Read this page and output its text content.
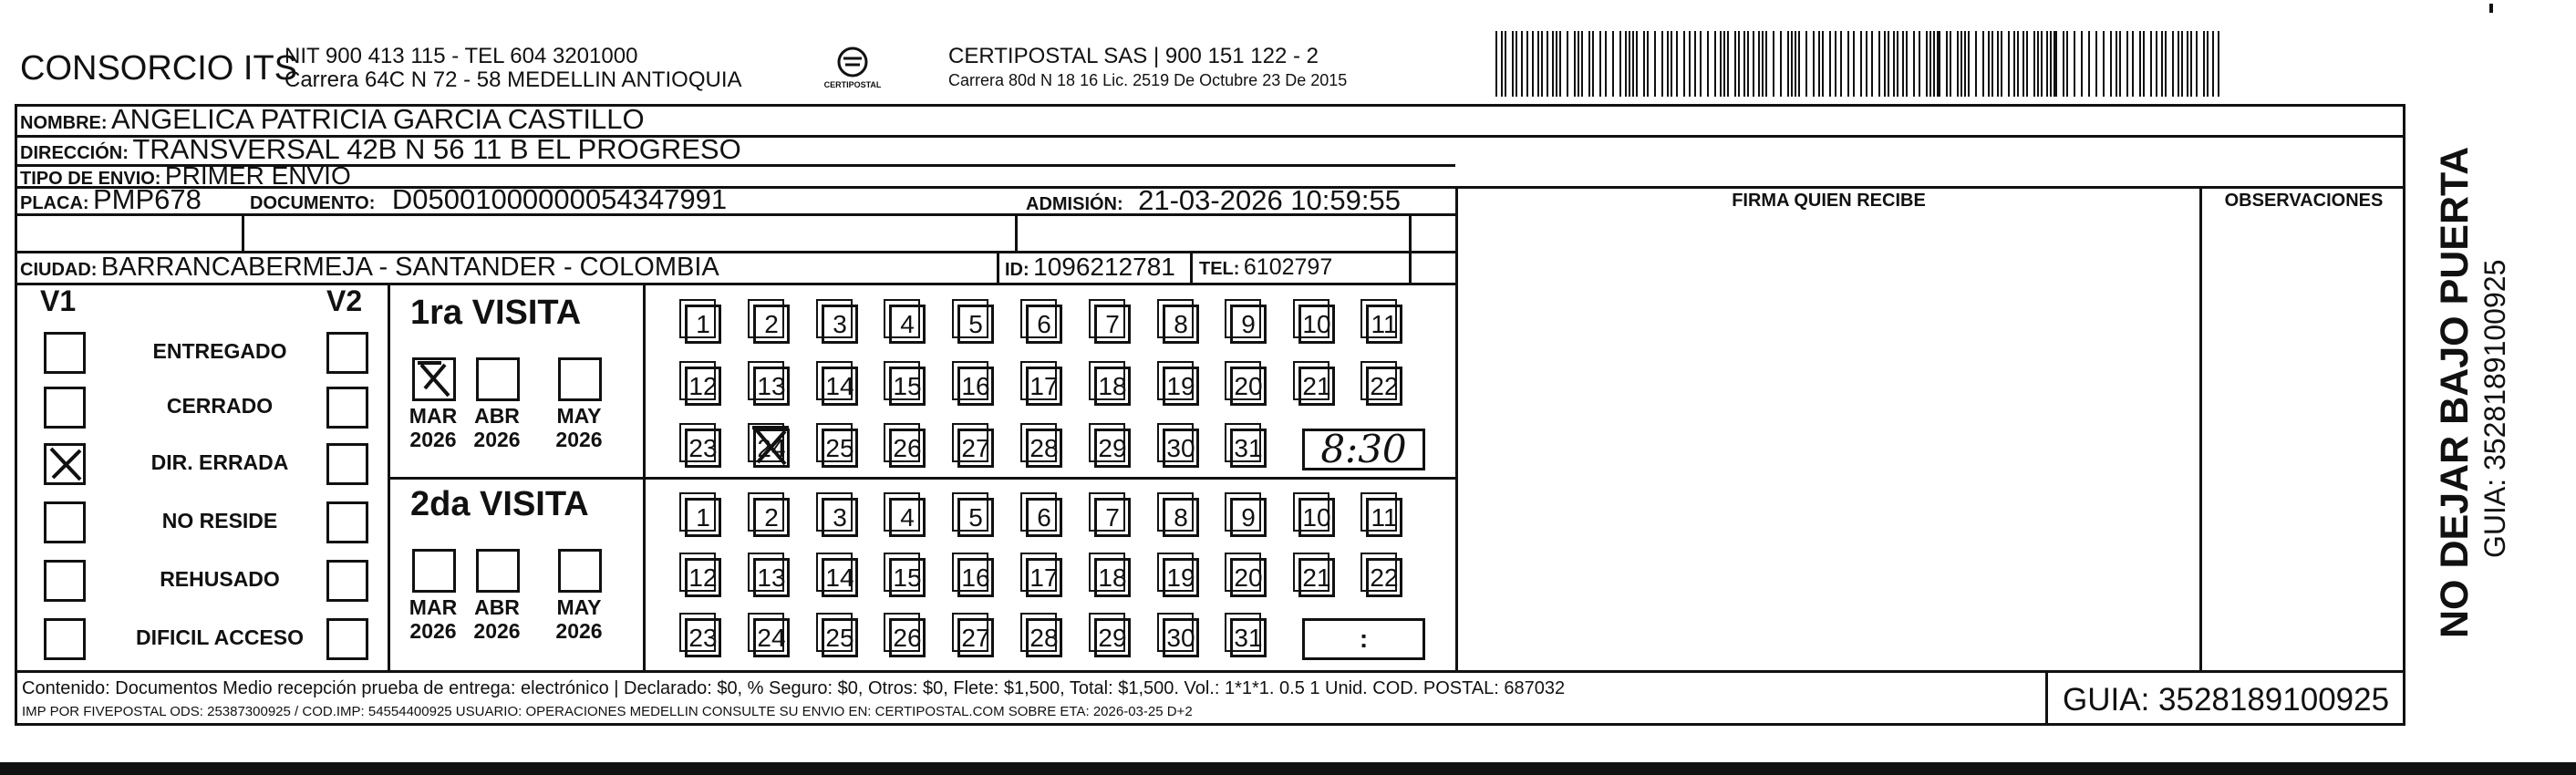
CONSORCIO ITS
NIT 900 413 115 - TEL 604 3201000
Carrera 64C N 72 - 58 MEDELLIN ANTIOQUIA	CERTIPOSTAL
CERTIPOSTAL SAS | 900 151 122 - 2
Carrera 80d N 18 16 Lic. 2519 De Octubre 23 De 2015
NOMBRE: ANGELICA PATRICIA GARCIA CASTILLO
DIRECCIÓN: TRANSVERSAL 42B N 56 11 B EL PROGRESO
TIPO DE ENVIO: PRIMER ENVIO
PLACA: PMP678	DOCUMENTO: D05001000000054347991	ADMISIÓN: 21-03-2026 10:59:55
CIUDAD: BARRANCABERMEJA - SANTANDER - COLOMBIA	ID: 1096212781 TEL: 6102797
FIRMA QUIEN RECIBE	OBSERVACIONES
V1	V2
ENTREGADO
CERRADO
DIR. ERRADA
NO RESIDE
REHUSADO
DIFICIL ACCESO
1ra VISITA
MAR
2026
ABR
2026
MAY
2026
1	2	3	4	5	6	7	8	9	10 11
12 13 14 15 16 17 18 19 20 21 22
23 24 25 26 27 28 29 30 31	8:30
2da VISITA
MAR
2026
ABR
2026
MAY
2026
1	2	3	4	5	6	7	8	9	10 11
12 13 14 15 16 17 18 19 20 21 22
23 24 25 26 27 28 29 30 31	:
Contenido: Documentos Medio recepción prueba de entrega: electrónico | Declarado: $0, % Seguro: $0, Otros: $0, Flete: $1,500, Total: $1,500. Vol.: 1*1*1. 0.5 1 Unid. COD. POSTAL: 687032
IMP POR FIVEPOSTAL ODS: 25387300925 / COD.IMP: 54554400925 USUARIO: OPERACIONES MEDELLIN CONSULTE SU ENVIO EN: CERTIPOSTAL.COM SOBRE ETA: 2026-03-25 D+2	GUIA: 3528189100925
NO DEJAR BAJO PUERTA GUIA: 3528189100925
